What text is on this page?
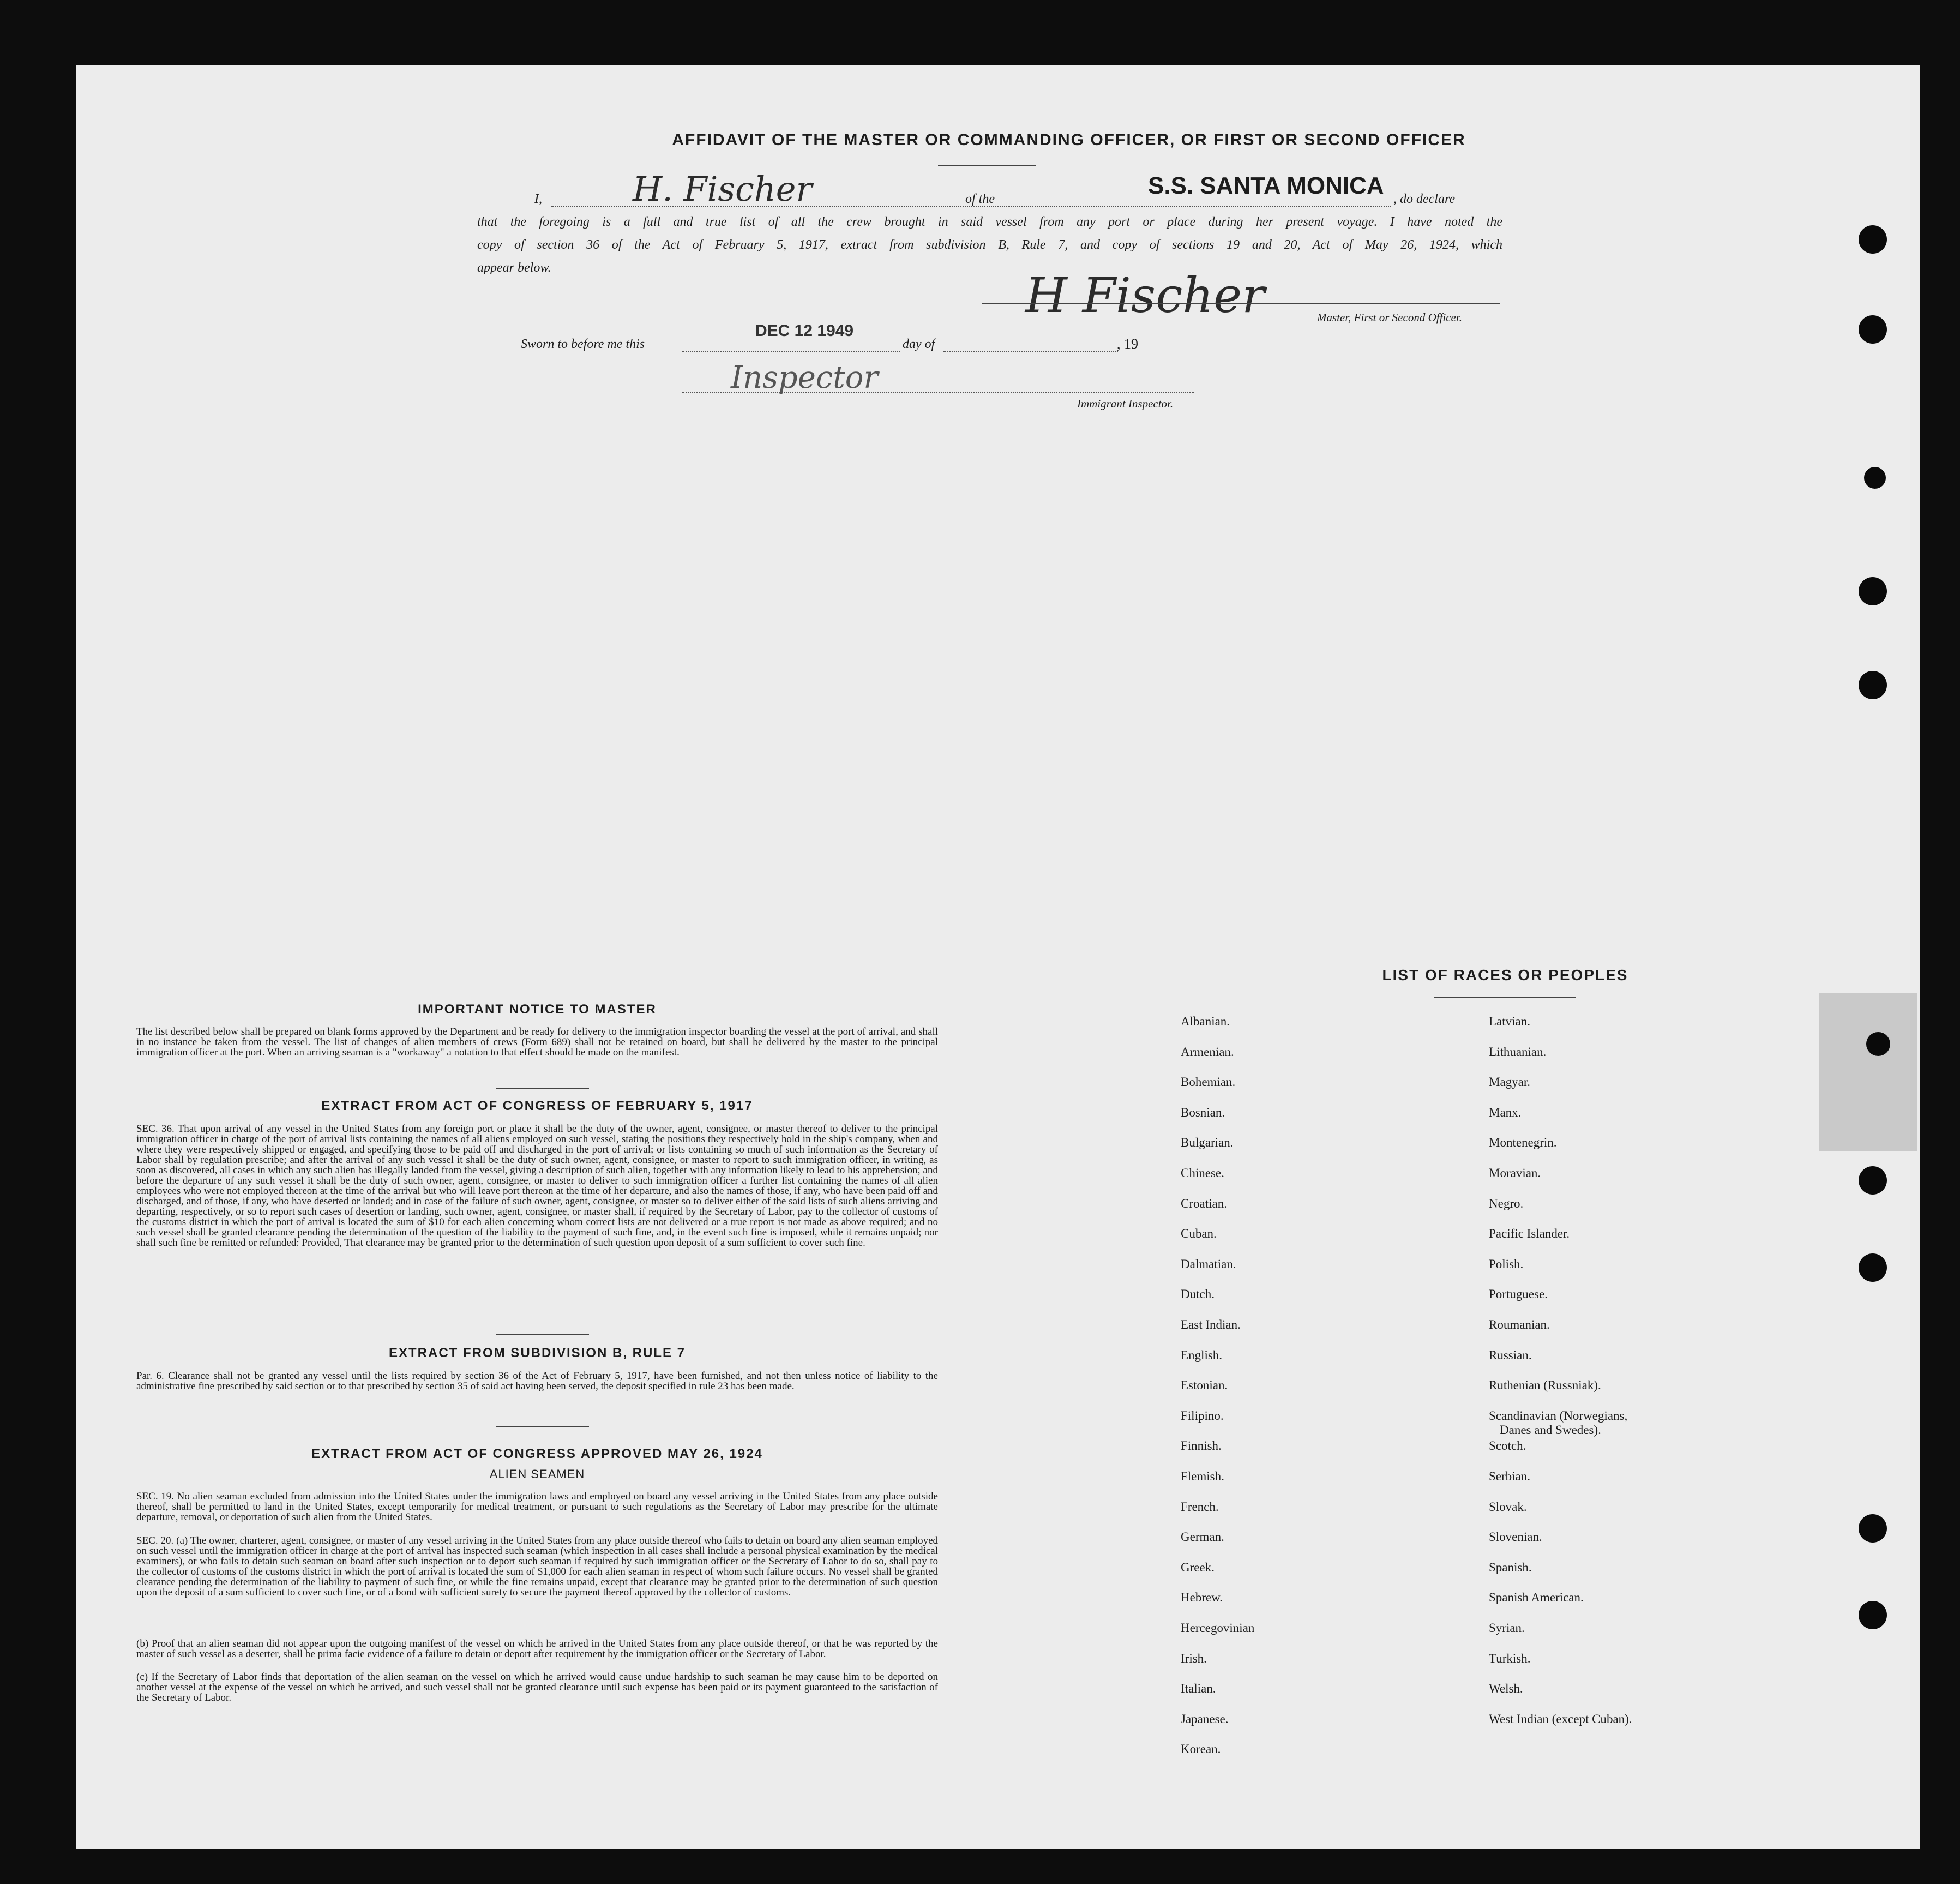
AFFIDAVIT OF THE MASTER OR COMMANDING OFFICER, OR FIRST OR SECOND OFFICER
I,	H. Fischer	of the	S.S. SANTA MONICA , do declare
that the foregoing is a full and true list of all the crew brought in said vessel from any port or place during her present voyage. I have noted the
copy of section 36 of the Act of February 5, 1917, extract from subdivision B, Rule 7, and copy of sections 19 and 20, Act of May 26, 1924, which
appear below.	H Fischer	Master, First or Second Officer.
Sworn to before me this
DEC 12 1949
day of	, 19
Inspector
Immigrant Inspector.
IMPORTANT NOTICE TO MASTER
The list described below shall be prepared on blank forms approved by the Department and be ready for delivery to the immigration inspector boarding the vessel at the port of arrival, and shall in no instance be taken from the vessel. The list of changes of alien members of crews (Form 689) shall not be retained on board, but shall be delivered by the master to the principal immigration officer at the port. When an arriving seaman is a "workaway" a notation to that effect should be made on the manifest.
EXTRACT FROM ACT OF CONGRESS OF FEBRUARY 5, 1917
SEC. 36. That upon arrival of any vessel in the United States from any foreign port or place it shall be the duty of the owner, agent, consignee, or master thereof to deliver to the principal immigration officer in charge of the port of arrival lists containing the names of all aliens employed on such vessel, stating the positions they respectively hold in the ship's company, when and where they were respectively shipped or engaged, and specifying those to be paid off and discharged in the port of arrival; or lists containing so much of such information as the Secretary of Labor shall by regulation prescribe; and after the arrival of any such vessel it shall be the duty of such owner, agent, consignee, or master to report to such immigration officer, in writing, as soon as discovered, all cases in which any such alien has illegally landed from the vessel, giving a description of such alien, together with any information likely to lead to his apprehension; and before the departure of any such vessel it shall be the duty of such owner, agent, consignee, or master to deliver to such immigration officer a further list containing the names of all alien employees who were not employed thereon at the time of the arrival but who will leave port thereon at the time of her departure, and also the names of those, if any, who have been paid off and discharged, and of those, if any, who have deserted or landed; and in case of the failure of such owner, agent, consignee, or master so to deliver either of the said lists of such aliens arriving and departing, respectively, or so to report such cases of desertion or landing, such owner, agent, consignee, or master shall, if required by the Secretary of Labor, pay to the collector of customs of the customs district in which the port of arrival is located the sum of $10 for each alien concerning whom correct lists are not delivered or a true report is not made as above required; and no such vessel shall be granted clearance pending the determination of the question of the liability to the payment of such fine, and, in the event such fine is imposed, while it remains unpaid; nor shall such fine be remitted or refunded: Provided, That clearance may be granted prior to the determination of such question upon deposit of a sum sufficient to cover such fine.
EXTRACT FROM SUBDIVISION B, RULE 7
Par. 6. Clearance shall not be granted any vessel until the lists required by section 36 of the Act of February 5, 1917, have been furnished, and not then unless notice of liability to the administrative fine prescribed by said section or to that prescribed by section 35 of said act having been served, the deposit specified in rule 23 has been made.
EXTRACT FROM ACT OF CONGRESS APPROVED MAY 26, 1924
ALIEN SEAMEN
SEC. 19. No alien seaman excluded from admission into the United States under the immigration laws and employed on board any vessel arriving in the United States from any place outside thereof, shall be permitted to land in the United States, except temporarily for medical treatment, or pursuant to such regulations as the Secretary of Labor may prescribe for the ultimate departure, removal, or deportation of such alien from the United States.
SEC. 20. (a) The owner, charterer, agent, consignee, or master of any vessel arriving in the United States from any place outside thereof who fails to detain on board any alien seaman employed on such vessel until the immigration officer in charge at the port of arrival has inspected such seaman (which inspection in all cases shall include a personal physical examination by the medical examiners), or who fails to detain such seaman on board after such inspection or to deport such seaman if required by such immigration officer or the Secretary of Labor to do so, shall pay to the collector of customs of the customs district in which the port of arrival is located the sum of $1,000 for each alien seaman in respect of whom such failure occurs. No vessel shall be granted clearance pending the determination of the liability to payment of such fine, or while the fine remains unpaid, except that clearance may be granted prior to the determination of such question upon the deposit of a sum sufficient to cover such fine, or of a bond with sufficient surety to secure the payment thereof approved by the collector of customs.
(b) Proof that an alien seaman did not appear upon the outgoing manifest of the vessel on which he arrived in the United States from any place outside thereof, or that he was reported by the master of such vessel as a deserter, shall be prima facie evidence of a failure to detain or deport after requirement by the immigration officer or the Secretary of Labor.
(c) If the Secretary of Labor finds that deportation of the alien seaman on the vessel on which he arrived would cause undue hardship to such seaman he may cause him to be deported on another vessel at the expense of the vessel on which he arrived, and such vessel shall not be granted clearance until such expense has been paid or its payment guaranteed to the satisfaction of the Secretary of Labor.
LIST OF RACES OR PEOPLES
Albanian.
Armenian.
Bohemian.
Bosnian.
Bulgarian.
Chinese.
Croatian.
Cuban.
Dalmatian.
Dutch.
East Indian.
English.
Estonian.
Filipino.
Finnish.
Flemish.
French.
German.
Greek.
Hebrew.
Hercegovinian
Irish.
Italian.
Japanese.
Korean.
Latvian.
Lithuanian.
Magyar.
Manx.
Montenegrin.
Moravian.
Negro.
Pacific Islander.
Polish.
Portuguese.
Roumanian.
Russian.
Ruthenian (Russniak).
Scandinavian (Norwegians,
Danes and Swedes).
Scotch.
Serbian.
Slovak.
Slovenian.
Spanish.
Spanish American.
Syrian.
Turkish.
Welsh.
West Indian (except Cuban).
